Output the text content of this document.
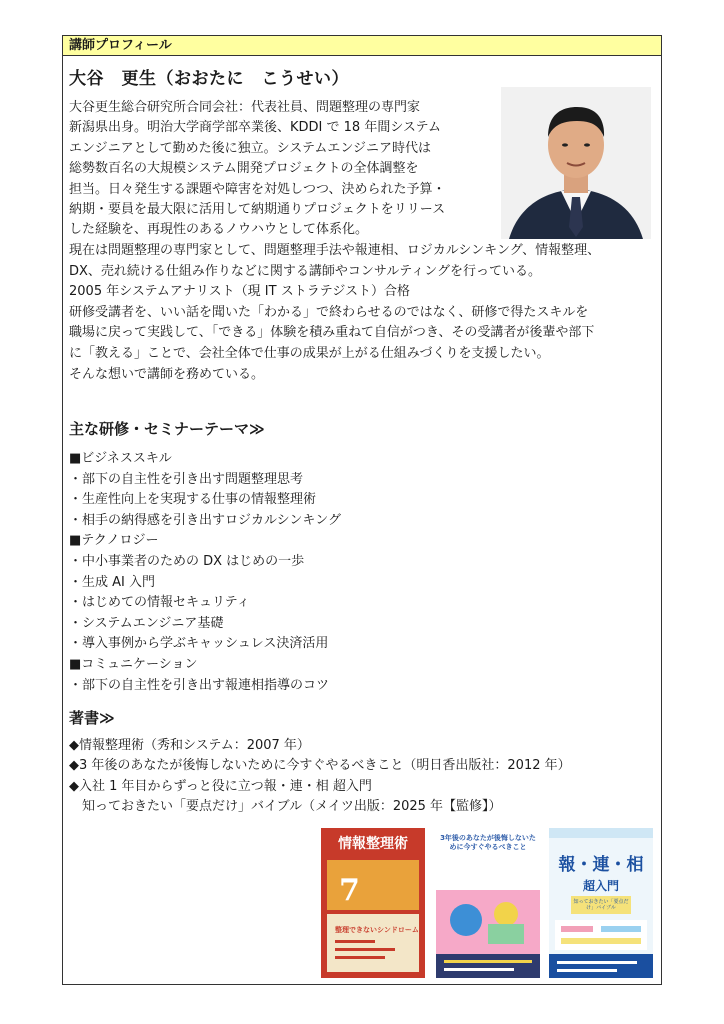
講師プロフィール
大谷　更生（おおたに　こうせい）
大谷更生総合研究所合同会社：代表社員、問題整理の専門家
新潟県出身。明治大学商学部卒業後、KDDI で 18 年間システム
エンジニアとして勤めた後に独立。システムエンジニア時代は
総勢数百名の大規模システム開発プロジェクトの全体調整を
担当。日々発生する課題や障害を対処しつつ、決められた予算・
納期・要員を最大限に活用して納期通りプロジェクトをリリース
した経験を、再現性のあるノウハウとして体系化。
現在は問題整理の専門家として、問題整理手法や報連相、ロジカルシンキング、情報整理、
DX、売れ続ける仕組み作りなどに関する講師やコンサルティングを行っている。
2005 年システムアナリスト（現 IT ストラテジスト）合格
研修受講者を、いい話を聞いた「わかる」で終わらせるのではなく、研修で得たスキルを
職場に戻って実践して、「できる」体験を積み重ねて自信がつき、その受講者が後輩や部下
に「教える」ことで、会社全体で仕事の成果が上がる仕組みづくりを支援したい。
そんな想いで講師を務めている。
主な研修・セミナーテーマ≫
■ビジネススキル
・部下の自主性を引き出す問題整理思考
・生産性向上を実現する仕事の情報整理術
・相手の納得感を引き出すロジカルシンキング
■テクノロジー
・中小事業者のための DX はじめの一歩
・生成 AI 入門
・はじめての情報セキュリティ
・システムエンジニア基礎
・導入事例から学ぶキャッシュレス決済活用
■コミュニケーション
・部下の自主性を引き出す報連相指導のコツ
著書≫
◆情報整理術（秀和システム：2007 年）
◆3 年後のあなたが後悔しないために今すぐやるべきこと（明日香出版社：2012 年）
◆入社 1 年目からずっと役に立つ報・連・相 超入門
　知っておきたい「要点だけ」バイブル（メイツ出版：2025 年【監修】）
情報整理術
7
整理できないシンドローム
3年後のあなたが後悔しないために今すぐやるべきこと
報・連・相
超入門
知っておきたい「要点だけ」バイブル
